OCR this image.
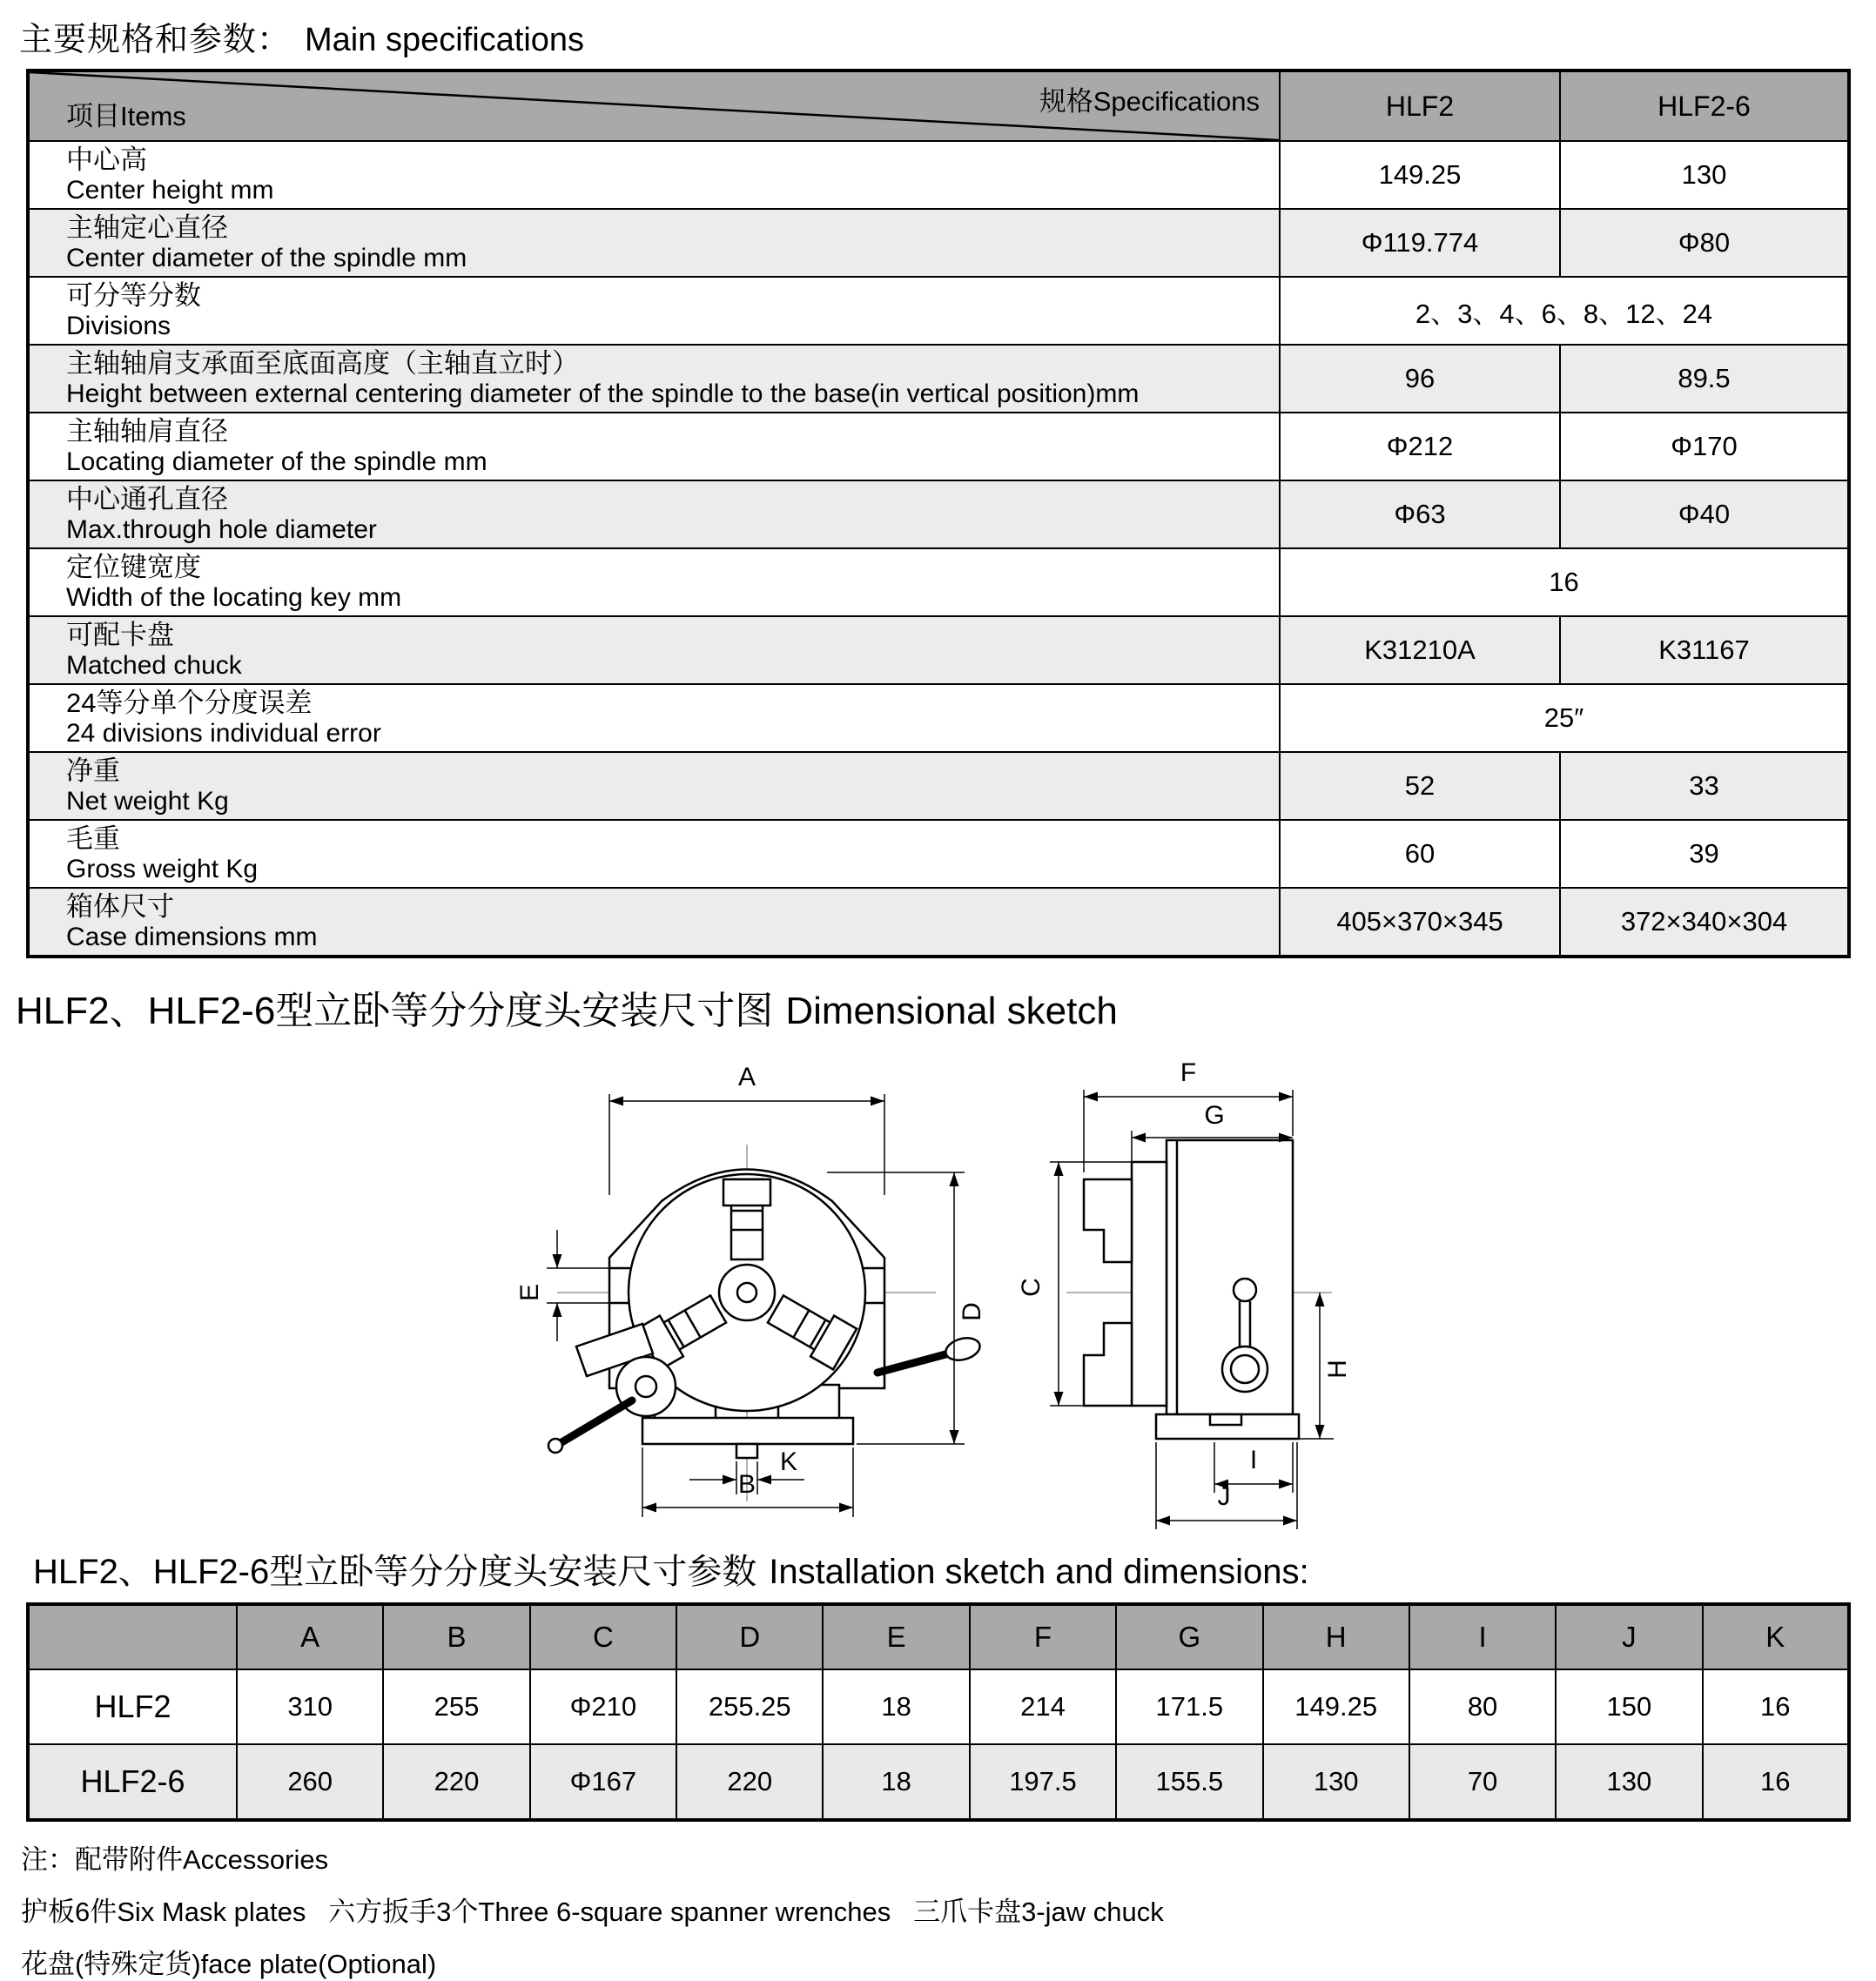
主要规格和参数： Main specifications
项目Items 规格Specifications	HLF2	HLF2-6

中心高
Center height mm	149.25	130

主轴定心直径
Center diameter of the spindle mm	Φ119.774	Φ80

可分等分数
Divisions	2、3、4、6、8、12、24	

主轴轴肩支承面至底面高度（主轴直立时）
Height between external centering diameter of the spindle to the base(in vertical position)mm	96	89.5

主轴轴肩直径
Locating diameter of the spindle mm	Φ212	Φ170

中心通孔直径
Max.through hole diameter	Φ63	Φ40

定位键宽度
Width of the locating key mm	16	

可配卡盘
Matched chuck	K31210A	K31167

24等分单个分度误差
24 divisions individual error	25″	

净重
Net weight Kg	52	33

毛重
Gross weight Kg	60	39

箱体尺寸
Case dimensions mm	405×370×345	372×340×304
HLF2、HLF2-6型立卧等分分度头安装尺寸图 Dimensional sketch
A
E
D
K
B
F
G
C
H
I
J
HLF2、HLF2-6型立卧等分分度头安装尺寸参数 Installation sketch and dimensions:
	A	B	C	D	E	F	G	H	I	J	K
HLF2	310	255	Φ210	255.25	18	214	171.5	149.25	80	150	16
HLF2-6	260	220	Φ167	220	18	197.5	155.5	130	70	130	16

注：配带附件Accessories

护板6件Six Mask plates   六方扳手3个Three 6-square spanner wrenches   三爪卡盘3-jaw chuck

花盘(特殊定货)face plate(Optional)
